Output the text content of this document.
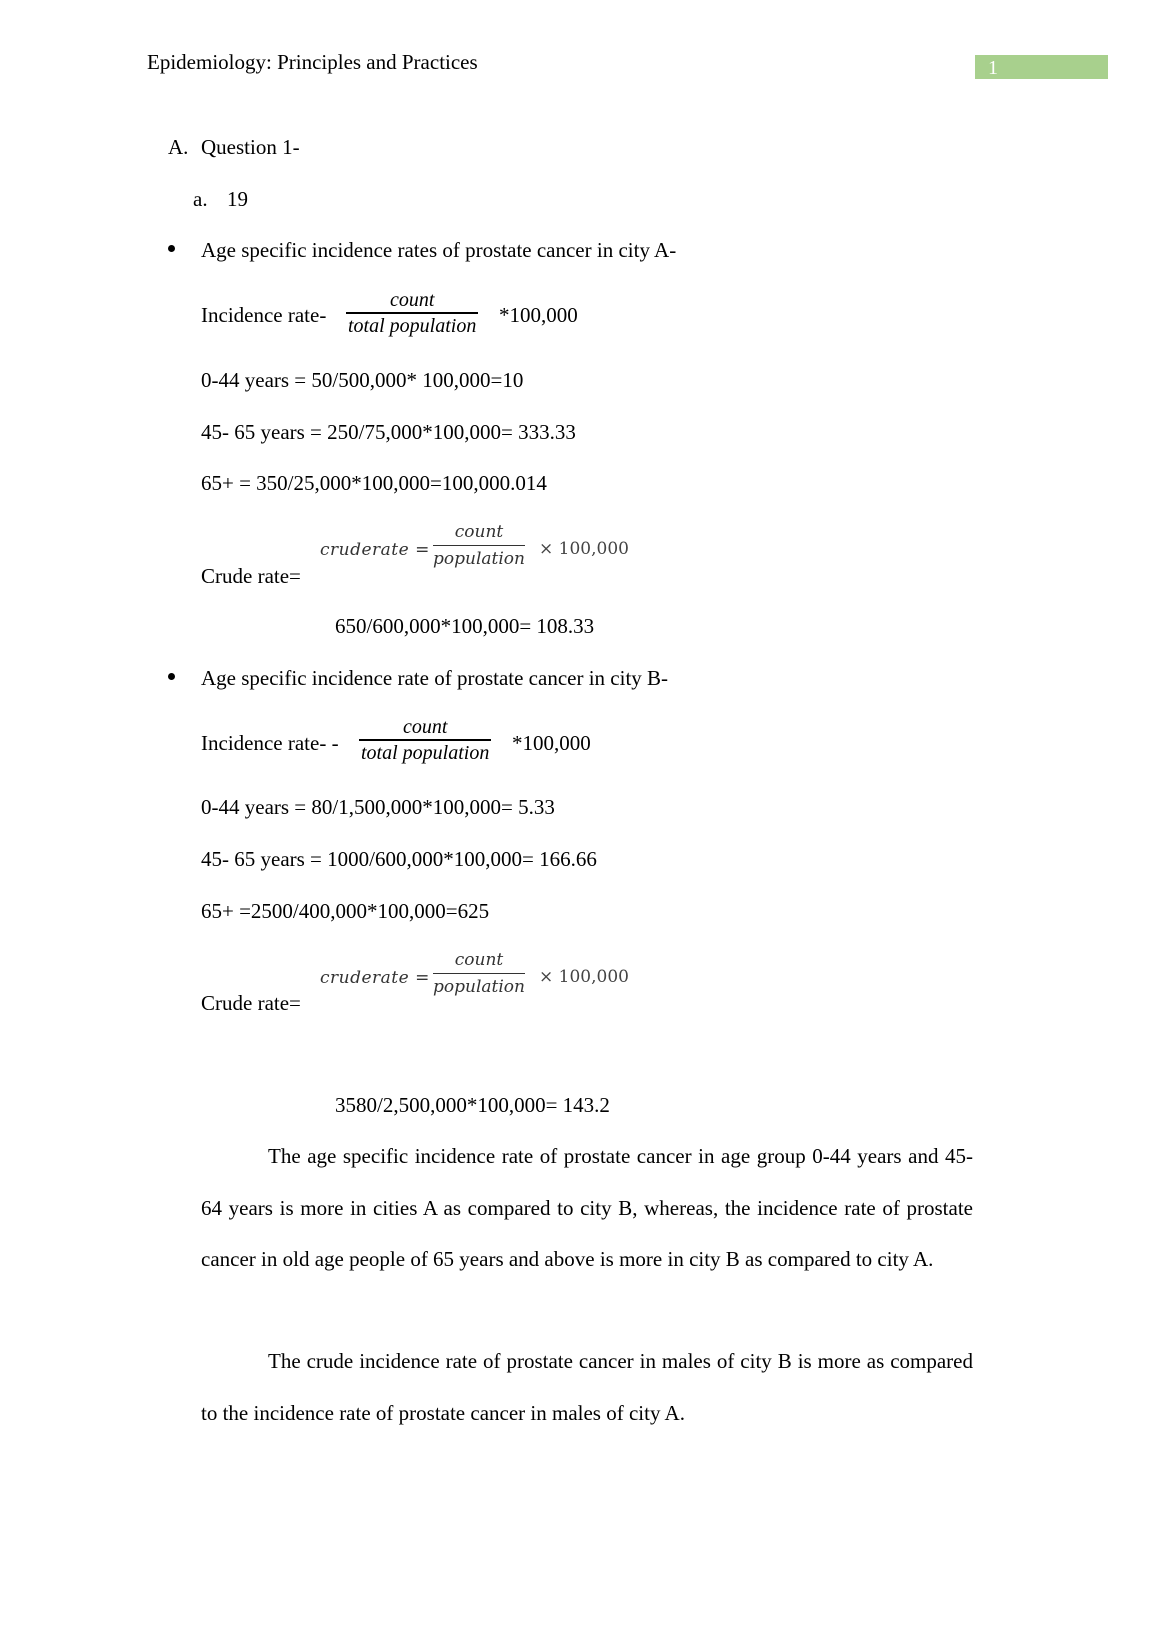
Epidemiology: Principles and Practices	1
A. Question 1-
a. 19
Age specific incidence rates of prostate cancer in city A-
Incidence rate-
count
total population *100,000
0-44 years = 50/500,000* 100,000=10
45- 65 years = 250/75,000*100,000= 333.33
65+ = 350/25,000*100,000=100,000.014
Crude rate=
cruderate =
count
population × 100,000
650/600,000*100,000= 108.33
Age specific incidence rate of prostate cancer in city B-
Incidence rate- -
count
total population *100,000
0-44 years = 80/1,500,000*100,000= 5.33
45- 65 years = 1000/600,000*100,000= 166.66
65+ =2500/400,000*100,000=625
Crude rate=
cruderate =
count
population × 100,000
3580/2,500,000*100,000= 143.2
The age specific incidence rate of prostate cancer in age group 0-44 years and 45-64 years is more in cities A as compared to city B, whereas, the incidence rate of prostate cancer in old age people of 65 years and above is more in city B as compared to city A.
The crude incidence rate of prostate cancer in males of city B is more as compared to the incidence rate of prostate cancer in males of city A.
